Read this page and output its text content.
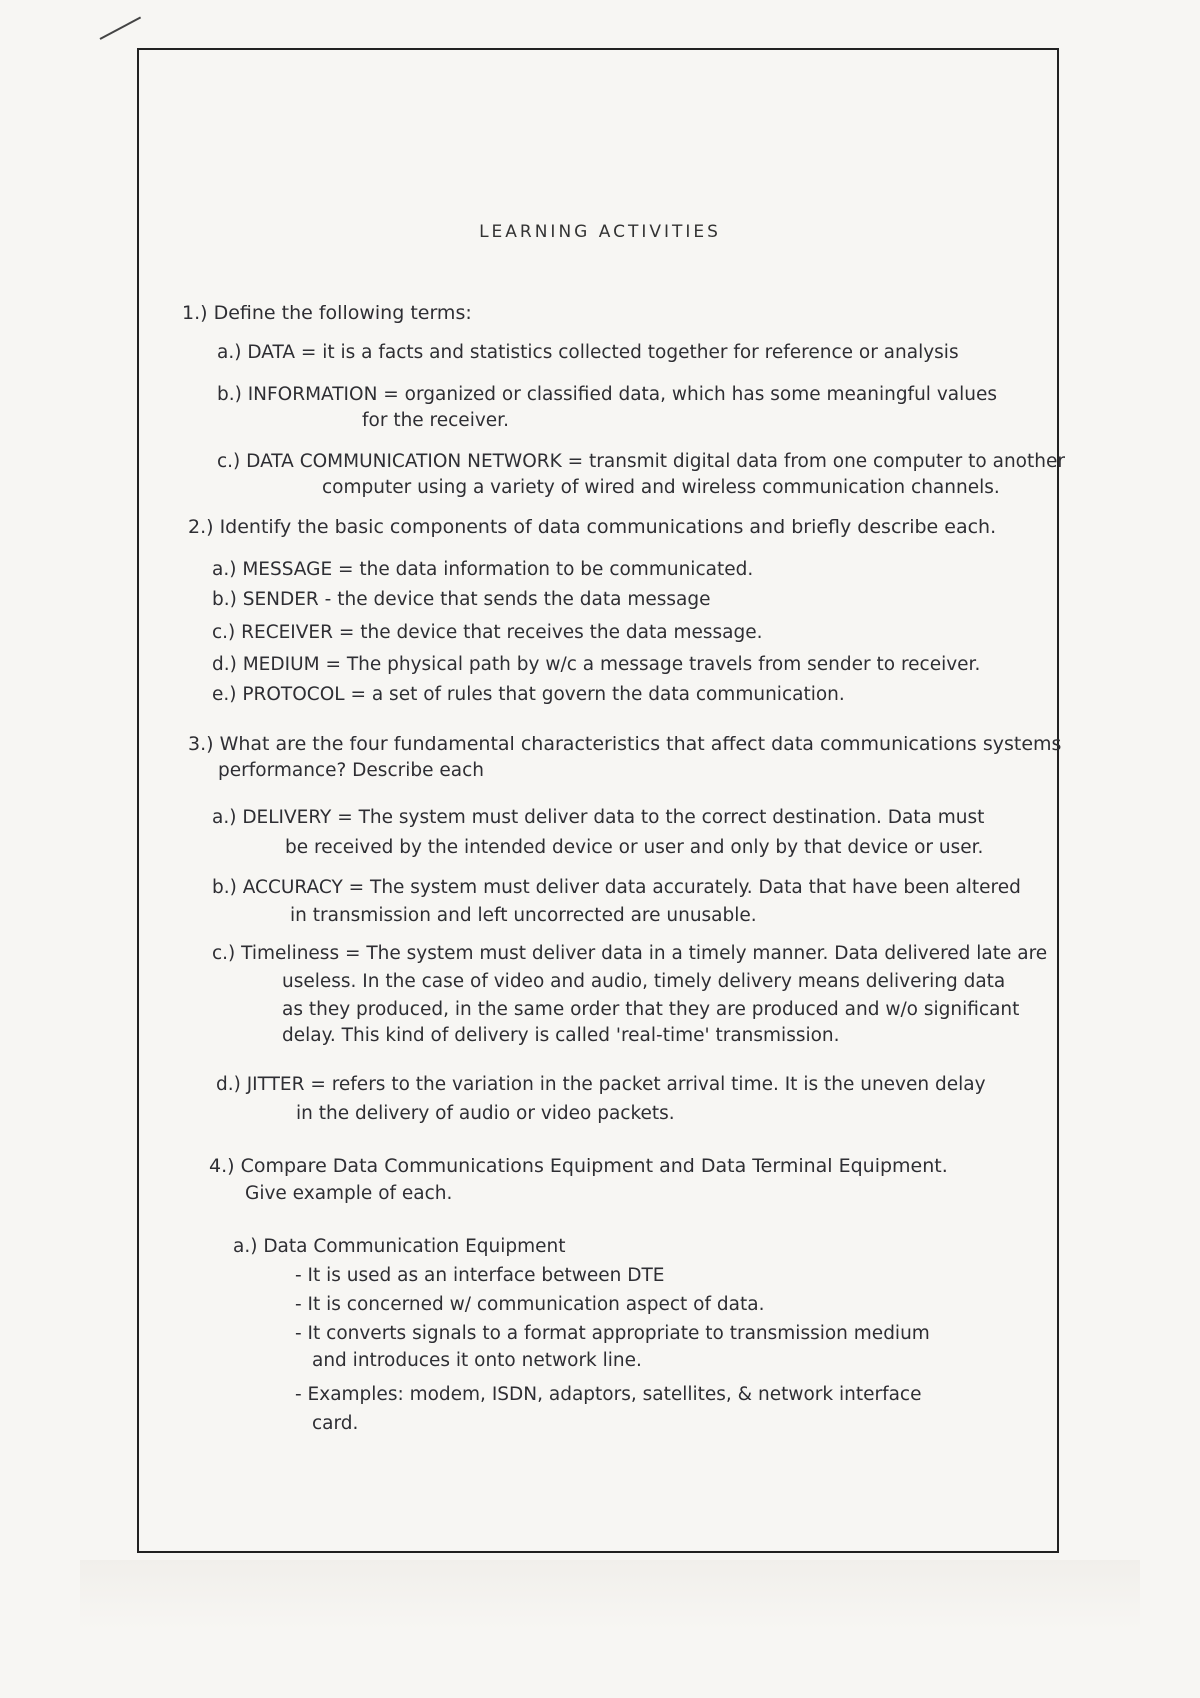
LEARNING ACTIVITIES
1.) Define the following terms:
a.) DATA = it is a facts and statistics collected together for reference or analysis
b.) INFORMATION = organized or classified data, which has some meaningful values
for the receiver.
c.) DATA COMMUNICATION NETWORK = transmit digital data from one computer to another
computer using a variety of wired and wireless communication channels.
2.) Identify the basic components of data communications and briefly describe each.
a.) MESSAGE = the data information to be communicated.
b.) SENDER - the device that sends the data message
c.) RECEIVER = the device that receives the data message.
d.) MEDIUM = The physical path by w/c a message travels from sender to receiver.
e.) PROTOCOL = a set of rules that govern the data communication.
3.) What are the four fundamental characteristics that affect data communications systems
performance? Describe each
a.) DELIVERY = The system must deliver data to the correct destination. Data must
be received by the intended device or user and only by that device or user.
b.) ACCURACY = The system must deliver data accurately. Data that have been altered
in transmission and left uncorrected are unusable.
c.) Timeliness = The system must deliver data in a timely manner. Data delivered late are
useless. In the case of video and audio, timely delivery means delivering data
as they produced, in the same order that they are produced and w/o significant
delay. This kind of delivery is called 'real-time' transmission.
d.) JITTER = refers to the variation in the packet arrival time. It is the uneven delay
in the delivery of audio or video packets.
4.) Compare Data Communications Equipment and Data Terminal Equipment.
Give example of each.
a.) Data Communication Equipment
- It is used as an interface between DTE
- It is concerned w/ communication aspect of data.
- It converts signals to a format appropriate to transmission medium
and introduces it onto network line.
- Examples: modem, ISDN, adaptors, satellites, & network interface
card.
